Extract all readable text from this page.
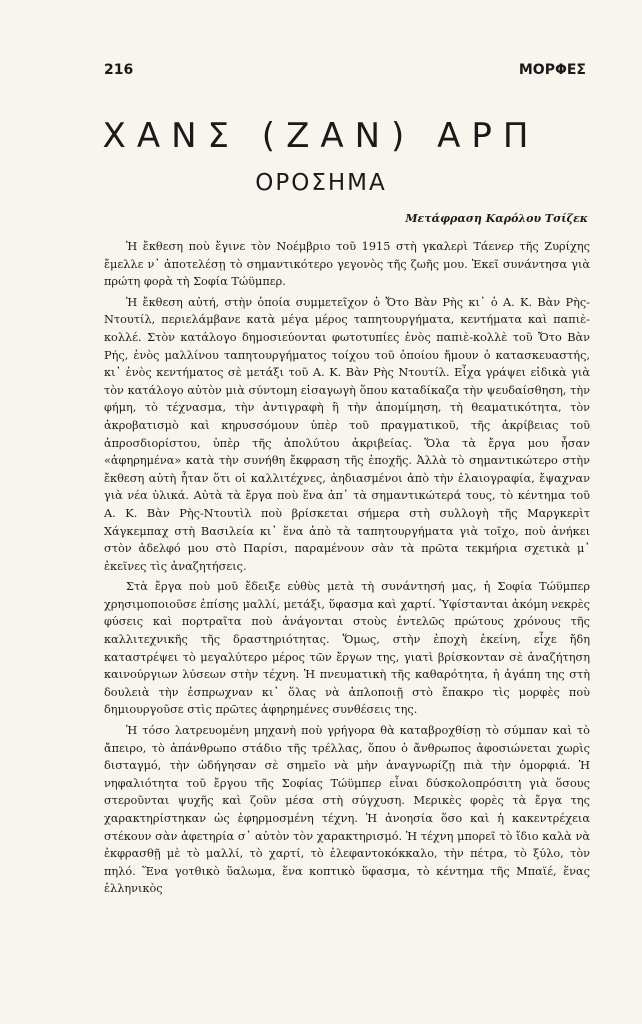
216	ΜΟΡΦΕΣ
ΧΑΝΣ (ΖΑΝ) ΑΡΠ
ΟΡΟΣΗΜΑ
Μετάφραση Καρόλου Τσίζεκ

Ἡ ἔκθεση ποὺ ἔγινε τὸν Νοέμβριο τοῦ 1915 στὴ γκαλερὶ Τάενερ τῆς Ζυρίχης ἔμελλε ν᾿ ἀποτελέσῃ τὸ σημαντικότερο γεγονὸς τῆς ζωῆς μου. Ἐκεῖ συνάντησα γιὰ πρώτη φορὰ τὴ Σοφία Τώϋμπερ.

Ἡ ἔκθεση αὐτή, στὴν ὁποία συμμετεῖχον ὁ Ὄτο Βὰν Ρὴς κι᾿ ὁ Α. Κ. Βὰν Ρὴς-Ντουτίλ, περιελάμβανε κατὰ μέγα μέρος ταπητουργήματα, κεντήματα καὶ παπιὲ-κολλέ. Στὸν κατάλογο δημοσιεύονται φωτοτυπίες ἑνὸς παπιὲ-κολλὲ τοῦ Ὄτο Βὰν Ρής, ἑνὸς μαλλίνου ταπητουργήματος τοίχου τοῦ ὁποίου ἤμουν ὁ κατασκευαστής, κι᾿ ἑνὸς κεντήματος σὲ μετάξι τοῦ Α. Κ. Βὰν Ρὴς Ντουτίλ. Εἶχα γράψει εἰδικὰ γιὰ τὸν κατάλογο αὐτὸν μιὰ σύντομη εἰσαγωγὴ ὅπου καταδίκαζα τὴν ψευδαίσθηση, τὴν φήμη, τὸ τέχνασμα, τὴν ἀντιγραφὴ ἢ τὴν ἀπομίμηση, τὴ θεαματικότητα, τὸν ἀκροβατισμὸ καὶ κηρυσσόμουν ὑπὲρ τοῦ πραγματικοῦ, τῆς ἀκρίβειας τοῦ ἀπροσδιορίστου, ὑπὲρ τῆς ἀπολύτου ἀκριβείας. Ὅλα τὰ ἔργα μου ἦσαν «ἀφηρημένα» κατὰ τὴν συνήθη ἔκφραση τῆς ἐποχῆς. Ἀλλὰ τὸ σημαντικώτερο στὴν ἔκθεση αὐτὴ ἦταν ὅτι οἱ καλλιτέχνες, ἀηδιασμένοι ἀπὸ τὴν ἐλαιογραφία, ἔψαχναν γιὰ νέα ὑλικά. Αὐτὰ τὰ ἔργα ποὺ ἕνα ἀπ᾿ τὰ σημαντικώτερά τους, τὸ κέντημα τοῦ Α. Κ. Βὰν Ρὴς-Ντουτὶλ ποὺ βρίσκεται σήμερα στὴ συλλογὴ τῆς Μαργκερὶτ Χάγκεμπαχ στὴ Βασιλεία κι᾿ ἕνα ἀπὸ τὰ ταπητουργήματα γιὰ τοῖχο, ποὺ ἀνήκει στὸν ἀδελφό μου στὸ Παρίσι, παραμένουν σὰν τὰ πρῶτα τεκμήρια σχετικὰ μ᾿ ἐκεῖνες τὶς ἀναζητήσεις.

Στὰ ἔργα ποὺ μοῦ ἔδειξε εὐθὺς μετὰ τὴ συνάντησή μας, ἡ Σοφία Τώϋμπερ χρησιμοποιοῦσε ἐπίσης μαλλί, μετάξι, ὕφασμα καὶ χαρτί. Ὑφίστανται ἀκόμη νεκρὲς φύσεις καὶ πορτραῖτα ποὺ ἀνάγονται στοὺς ἐντελῶς πρώτους χρόνους τῆς καλλιτεχνικῆς τῆς δραστηριότητας. Ὅμως, στὴν ἐποχὴ ἐκείνη, εἶχε ἤδη καταστρέψει τὸ μεγαλύτερο μέρος τῶν ἔργων της, γιατὶ βρίσκονταν σὲ ἀναζήτηση καινούργιων λύσεων στὴν τέχνη. Ἡ πνευματικὴ τῆς καθαρότητα, ἡ ἀγάπη της στὴ δουλειὰ τὴν ἐσπρωχναν κι᾿ ὅλας νὰ ἀπλοποιῇ στὸ ἔπακρο τὶς μορφὲς ποὺ δημιουργοῦσε στὶς πρῶτες ἀφηρημένες συνθέσεις της.

Ἡ τόσο λατρευομένη μηχανὴ ποὺ γρήγορα θὰ καταβροχθίσῃ τὸ σύμπαν καὶ τὸ ἄπειρο, τὸ ἀπάνθρωπο στάδιο τῆς τρέλλας, ὅπου ὁ ἄνθρωπος ἀφοσιώνεται χωρὶς δισταγμό, τὴν ὡδήγησαν σὲ σημεῖο νὰ μὴν ἀναγνωρίζῃ πιὰ τὴν ὀμορφιά. Ἡ νηφαλιότητα τοῦ ἔργου τῆς Σοφίας Τώϋμπερ εἶναι δύσκολοπρόσιτη γιὰ ὅσους στεροῦνται ψυχῆς καὶ ζοῦν μέσα στὴ σύγχυση. Μερικὲς φορὲς τὰ ἔργα της χαρακτηρίστηκαν ὡς ἐφηρμοσμένη τέχνη. Ἡ ἀνοησία ὅσο καὶ ἡ κακεντρέχεια στέκουν σὰν ἀφετηρία σ᾿ αὐτὸν τὸν χαρακτηρισμό. Ἡ τέχνη μπορεῖ τὸ ἴδιο καλὰ νὰ ἐκφρασθῇ μὲ τὸ μαλλί, τὸ χαρτί, τὸ ἐλεφαντοκόκκαλο, τὴν πέτρα, τὸ ξύλο, τὸν πηλό. Ἕνα γοτθικὸ ὕαλωμα, ἕνα κοπτικὸ ὕφασμα, τὸ κέντημα τῆς Μπαϊέ, ἕνας ἑλληνικὸς
